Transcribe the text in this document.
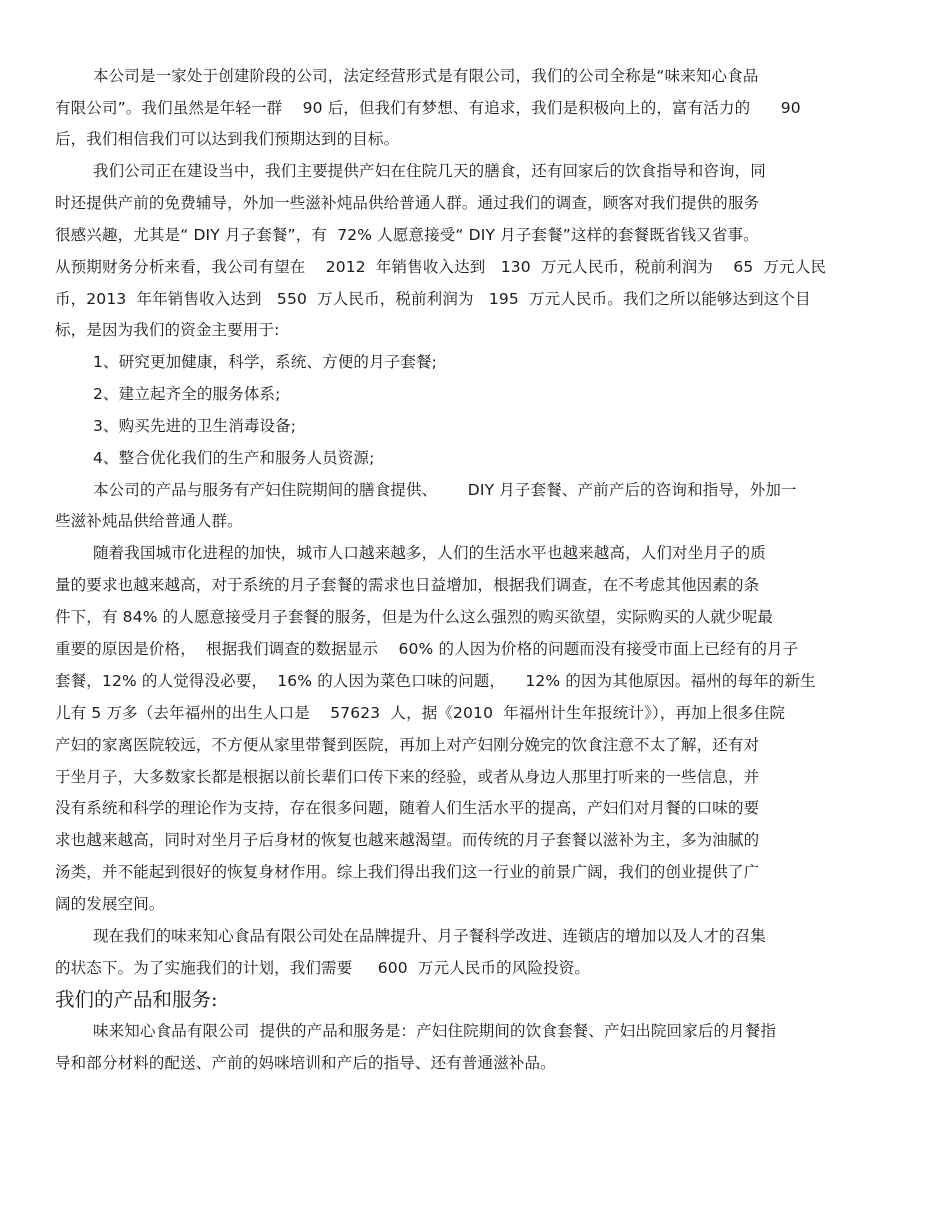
本公司是一家处于创建阶段的公司，法定经营形式是有限公司，我们的公司全称是“味来知心食品
有限公司”。我们虽然是年轻一群    90 后，但我们有梦想、有追求，我们是积极向上的，富有活力的      90
后，我们相信我们可以达到我们预期达到的目标。
我们公司正在建设当中，我们主要提供产妇在住院几天的膳食，还有回家后的饮食指导和咨询，同
时还提供产前的免费辅导，外加一些滋补炖品供给普通人群。通过我们的调查，顾客对我们提供的服务
很感兴趣，尤其是“ DIY 月子套餐”，有  72% 人愿意接受“ DIY 月子套餐”这样的套餐既省钱又省事。
从预期财务分析来看，我公司有望在    2012  年销售收入达到   130  万元人民币，税前利润为    65  万元人民
币，2013  年年销售收入达到   550  万人民币，税前利润为   195  万元人民币。我们之所以能够达到这个目
标，是因为我们的资金主要用于:
1、研究更加健康，科学，系统、方便的月子套餐;
2、建立起齐全的服务体系;
3、购买先进的卫生消毒设备;
4、整合优化我们的生产和服务人员资源;
本公司的产品与服务有产妇住院期间的膳食提供、      DIY 月子套餐、产前产后的咨询和指导，外加一
些滋补炖品供给普通人群。
随着我国城市化进程的加快，城市人口越来越多，人们的生活水平也越来越高，人们对坐月子的质
量的要求也越来越高，对于系统的月子套餐的需求也日益增加，根据我们调查，在不考虑其他因素的条
件下，有 84% 的人愿意接受月子套餐的服务，但是为什么这么强烈的购买欲望，实际购买的人就少呢最
重要的原因是价格，  根据我们调查的数据显示    60% 的人因为价格的问题而没有接受市面上已经有的月子
套餐，12% 的人觉得没必要，  16% 的人因为菜色口味的问题，    12% 的因为其他原因。福州的每年的新生
儿有 5 万多（去年福州的出生人口是    57623  人，据《2010  年福州计生年报统计》），再加上很多住院
产妇的家离医院较远，不方便从家里带餐到医院，再加上对产妇刚分娩完的饮食注意不太了解，还有对
于坐月子，大多数家长都是根据以前长辈们口传下来的经验，或者从身边人那里打听来的一些信息，并
没有系统和科学的理论作为支持，存在很多问题，随着人们生活水平的提高，产妇们对月餐的口味的要
求也越来越高，同时对坐月子后身材的恢复也越来越渴望。而传统的月子套餐以滋补为主，多为油腻的
汤类，并不能起到很好的恢复身材作用。综上我们得出我们这一行业的前景广阔，我们的创业提供了广
阔的发展空间。
现在我们的味来知心食品有限公司处在品牌提升、月子餐科学改进、连锁店的增加以及人才的召集
的状态下。为了实施我们的计划，我们需要     600  万元人民币的风险投资。
我们的产品和服务:
味来知心食品有限公司  提供的产品和服务是：产妇住院期间的饮食套餐、产妇出院回家后的月餐指
导和部分材料的配送、产前的妈咪培训和产后的指导、还有普通滋补品。
